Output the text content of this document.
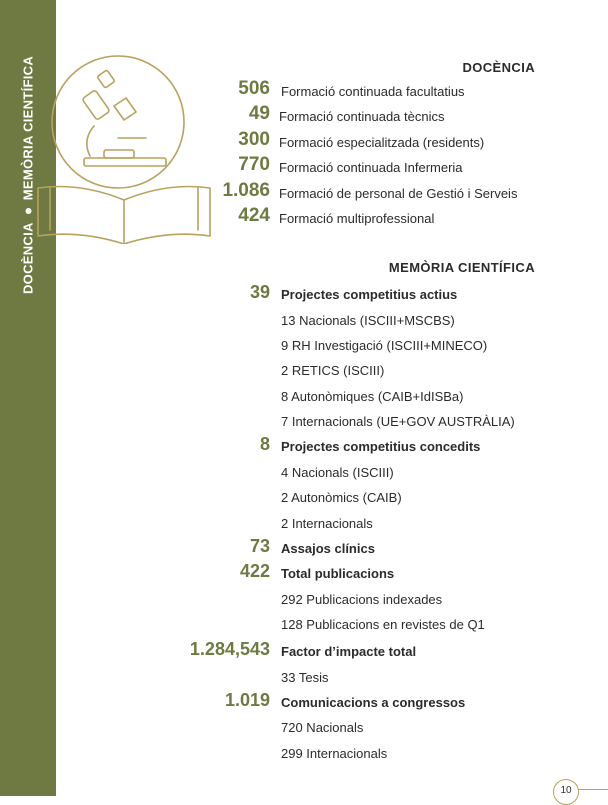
DOCÈNCIA
MEMÒRIA CIENTÍFICA	DOCÈNCIA
506 Formació continuada facultatius
49 Formació continuada tècnics
300 Formació especialitzada (residents)
770 Formació continuada Infermeria
1.086 Formació de personal de Gestió i Serveis
424 Formació multiprofessional
MEMÒRIA CIENTÍFICA
39 Projectes competitius actius
13 Nacionals (ISCIII+MSCBS)
9 RH Investigació (ISCIII+MINECO)
2 RETICS (ISCIII)
8 Autonòmiques (CAIB+IdISBa)
7 Internacionals (UE+GOV AUSTRÀLIA)
8 Projectes competitius concedits
4 Nacionals (ISCIII)
2 Autonòmics (CAIB)
2 Internacionals
73 Assajos clínics
422 Total publicacions
292 Publicacions indexades
128 Publicacions en revistes de Q1
1.284,543 Factor d’impacte total
33 Tesis
1.019 Comunicacions a congressos
720 Nacionals
299 Internacionals
10
